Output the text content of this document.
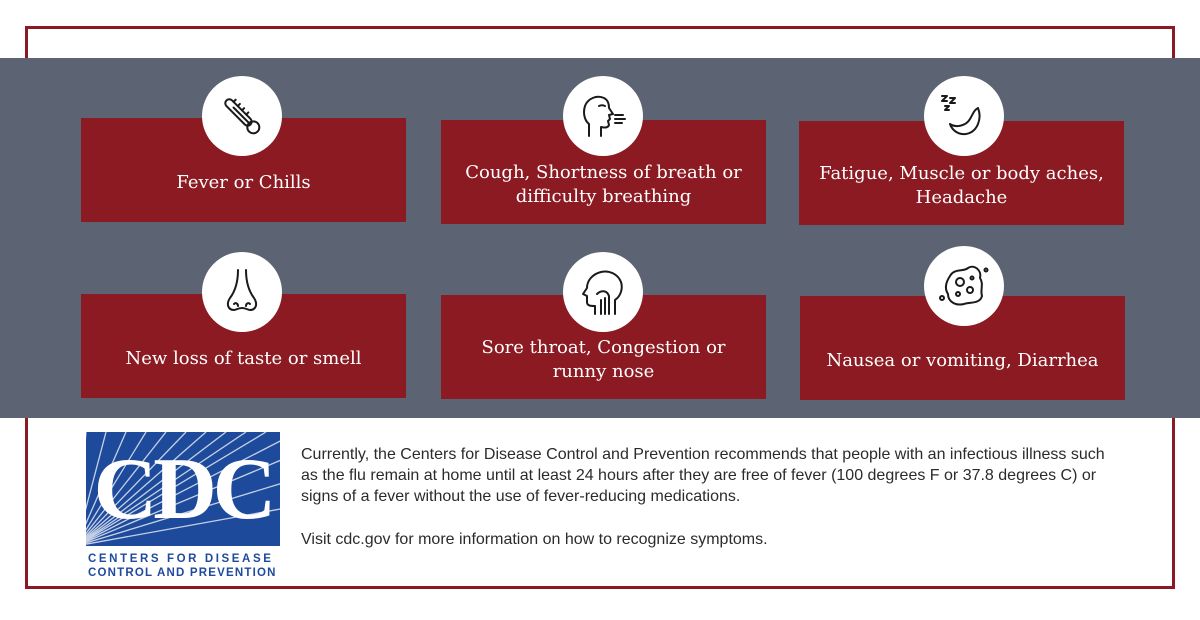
Fever or Chills	Cough, Shortness of breath or difficulty breathing
Fatigue, Muscle or body aches, Headache
New loss of taste or smell
Sore throat, Congestion or runny nose
Nausea or vomiting, Diarrhea
CDC
CENTERS FOR DISEASE
CONTROL AND PREVENTION

Currently, the Centers for Disease Control and Prevention recommends that people with an infectious illness such as the flu remain at home until at least 24 hours after they are free of fever (100 degrees F or 37.8 degrees C) or signs of a fever without the use of fever-reducing medications.

Visit cdc.gov for more information on how to recognize symptoms.
